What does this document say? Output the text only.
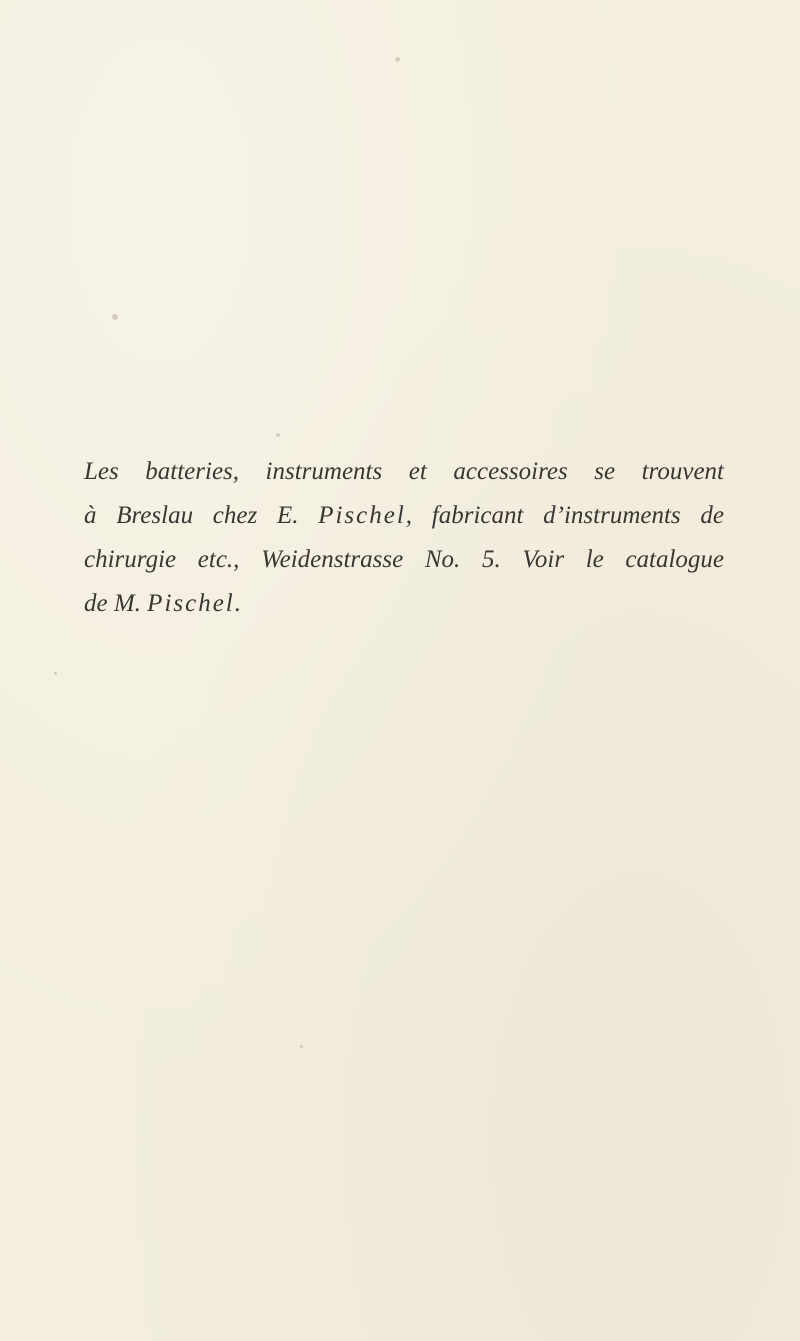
Les batteries, instruments et accessoires se trouvent
à Breslau chez E. Pischel, fabricant d’instruments de
chirurgie etc., Weidenstrasse No. 5. Voir le catalogue
de M. Pischel.
